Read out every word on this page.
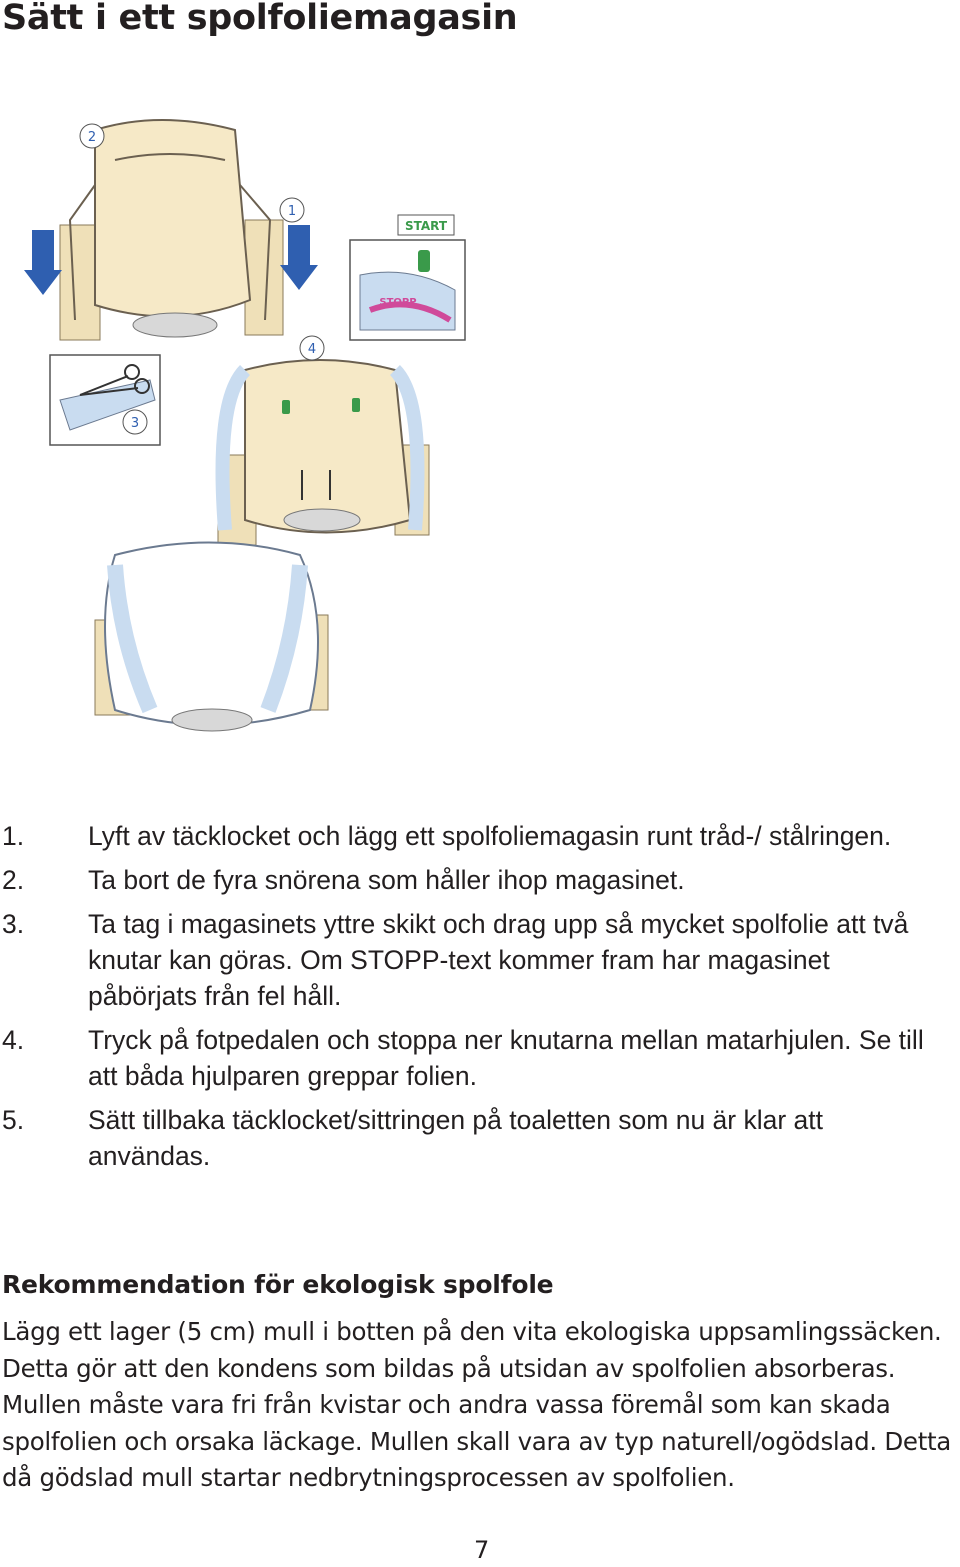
Sätt i ett spolfoliemagasin
2
1
START
STOPP
3
4
1. Lyft av täcklocket och lägg ett spolfoliemagasin runt tråd-/ stålringen.
2. Ta bort de fyra snörena som håller ihop magasinet.
3. Ta tag i magasinets yttre skikt och drag upp så mycket spolfolie att två knutar kan göras. Om STOPP-text kommer fram har magasinet påbörjats från fel håll.
4. Tryck på fotpedalen och stoppa ner knutarna mellan matarhjulen. Se till att båda hjulparen greppar folien.
5. Sätt tillbaka täcklocket/sittringen på toaletten som nu är klar att användas.
Rekommendation för ekologisk spolfole

Lägg ett lager (5 cm) mull i botten på den vita ekologiska uppsamlingssäcken. Detta gör att den kondens som bildas på utsidan av spolfolien absorberas. Mullen måste vara fri från kvistar och andra vassa föremål som kan skada spolfolien och orsaka läckage. Mullen skall vara av typ naturell/ogödslad. Detta då gödslad mull startar nedbrytningsprocessen av spolfolien.

7
